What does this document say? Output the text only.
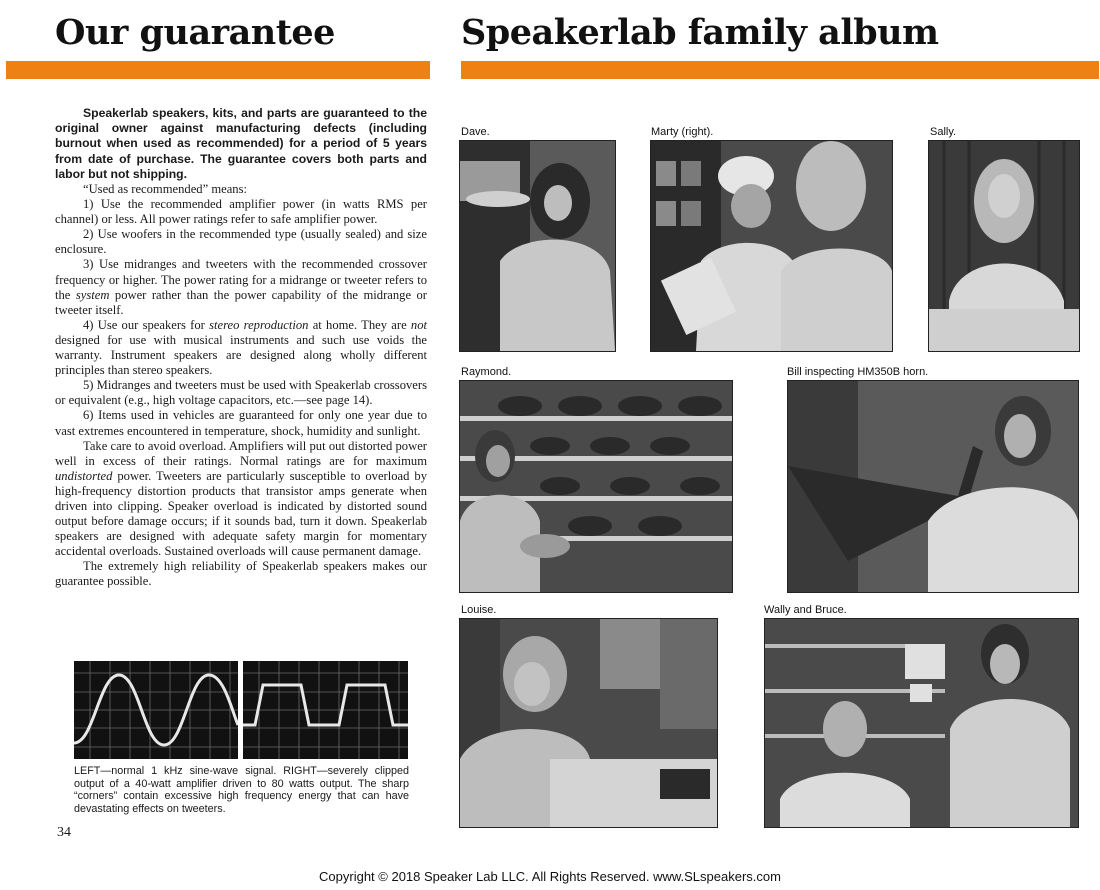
Our guarantee

Speakerlab speakers, kits, and parts are guaranteed to the original owner against manufacturing defects (including burnout when used as recommended) for a period of 5 years from date of purchase. The guarantee covers both parts and labor but not shipping.

“Used as recommended” means:

1) Use the recommended amplifier power (in watts RMS per channel) or less. All power ratings refer to safe amplifier power.

2) Use woofers in the recommended type (usually sealed) and size enclosure.

3) Use midranges and tweeters with the recommended crossover frequency or higher. The power rating for a midrange or tweeter refers to the system power rather than the power capability of the midrange or tweeter itself.

4) Use our speakers for stereo reproduction at home. They are not designed for use with musical instruments and such use voids the warranty. Instrument speakers are designed along wholly different principles than stereo speakers.

5) Midranges and tweeters must be used with Speakerlab crossovers or equivalent (e.g., high voltage capacitors, etc.—see page 14).

6) Items used in vehicles are guaranteed for only one year due to vast extremes encountered in temperature, shock, humidity and sunlight.

Take care to avoid overload. Amplifiers will put out distorted power well in excess of their ratings. Normal ratings are for maximum undistorted power. Tweeters are particularly susceptible to overload by high-frequency distortion products that transistor amps generate when driven into clipping. Speaker overload is indicated by distorted sound output before damage occurs; if it sounds bad, turn it down. Speakerlab speakers are designed with adequate safety margin for momentary accidental overloads. Sustained overloads will cause permanent damage.

The extremely high reliability of Speakerlab speakers makes our guarantee possible.

LEFT—normal 1 kHz sine-wave signal. RIGHT—severely clipped output of a 40-watt amplifier driven to 80 watts output. The sharp “corners” contain excessive high frequency energy that can have devastating effects on tweeters.
34
Speakerlab family album
Dave.	Marty (right).	Sally.
Raymond.	Bill inspecting HM350B horn.
Louise.	Wally and Bruce.
Copyright © 2018 Speaker Lab LLC. All Rights Reserved. www.SLspeakers.com
